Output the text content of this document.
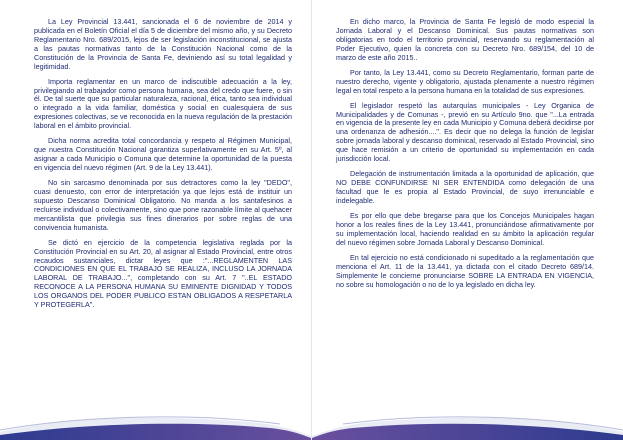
La Ley Provincial 13.441, sancionada el 6 de noviembre de 2014 y publicada en el Boletín Oficial el día 5 de diciembre del mismo año, y su Decreto Reglamentario Nro. 689/2015, lejos de ser legislación inconstitucional, se ajusta a las pautas normativas tanto de la Constitución Nacional como de la Constitución de la Provincia de Santa Fe, deviniendo así su total legalidad y legitimidad.

Importa reglamentar en un marco de indiscutible adecuación a la ley, privilegiando al trabajador como persona humana, sea del credo que fuere, o sin él. De tal suerte que su particular naturaleza, racional, ética, tanto sea individual o integrado a la vida familiar, doméstica y social en cualesquiera de sus expresiones colectivas, se ve reconocida en la nueva regulación de la prestación laboral en el ámbito provincial.

Dicha norma acredita total concordancia y respeto al Régimen Municipal, que nuestra Constitución Nacional garantiza superlativamente en su Art. 5º, al asignar a cada Municipio o Comuna que determine la oportunidad de la puesta en vigencia del nuevo régimen (Art. 9 de la Ley 13.441).

No sin sarcasmo denominada por sus detractores como la ley "DEDO", cuasi denuesto, con error de interpretación ya que lejos está de instituir un supuesto Descanso Dominical Obligatorio. No manda a los santafesinos a recluirse individual o colectivamente, sino que pone razonable límite al quehacer mercantilista que privilegia sus fines dinerarios por sobre reglas de una convivencia humanista.

Se dictó en ejercicio de la competencia legislativa reglada por la Constitución Provincial en su Art. 20, al asignar al Estado Provincial, entre otros recaudos sustanciales, dictar leyes que :"...REGLAMENTEN LAS CONDICIONES EN QUE EL TRABAJO SE REALIZA, INCLUSO LA JORNADA LABORAL DE TRABAJO...", completando con su Art. 7 "..EL ESTADO RECONOCE A LA PERSONA HUMANA SU EMINENTE DIGNIDAD Y TODOS LOS ORGANOS DEL PODER PUBLICO ESTAN OBLIGADOS A RESPETARLA Y PROTEGERLA".

En dicho marco, la Provincia de Santa Fe legisló de modo especial la Jornada Laboral y el Descanso Dominical. Sus pautas normativas son obligatorias en todo el territorio provincial, reservando su reglamentación al Poder Ejecutivo, quien la concreta con su Decreto Nro. 689/154, del 10 de marzo de este año 2015..

Por tanto, la Ley 13.441, como su Decreto Reglamentario, forman parte de nuestro derecho, vigente y obligatorio, ajustada plenamente a nuestro régimen legal en total respeto a la persona humana en la totalidad de sus expresiones.

El legislador respetó las autarquías municipales - Ley Organica de Municipalidades y de Comunas -, previó en su Artículo 9no. que "...La entrada en vigencia de la presente ley en cada Municipio y Comuna deberá decidirse por una ordenanza de adhesión....". Es decir que no delega la función de legislar sobre jornada laboral y descanso dominical, reservado al Estado Provincial, sino que hace remisión a un criterio de oportunidad su implementación en cada jurisdicción local.

Delegación de instrumentación limitada a la oportunidad de aplicación, que NO DEBE CONFUNDIRSE NI SER ENTENDIDA como delegación de una facultad que le es propia al Estado Provincial, de suyo irrenunciable e indelegable.

Es por ello que debe bregarse para que los Concejos Municipales hagan honor a los reales fines de la Ley 13.441, pronunciándose afirmativamente por su implementación local, haciendo realidad en su ámbito la aplicación regular del nuevo régimen sobre Jornada Laboral y Descanso Dominical.

En tal ejercicio no está condicionado ni supeditado a la reglamentación que menciona el Art. 11 de la 13.441, ya dictada con el citado Decreto 689/14. Simplemente le concierne pronunciarse SOBRE LA ENTRADA EN VIGENCIA, no sobre su homologación o no de lo ya legislado en dicha ley.
